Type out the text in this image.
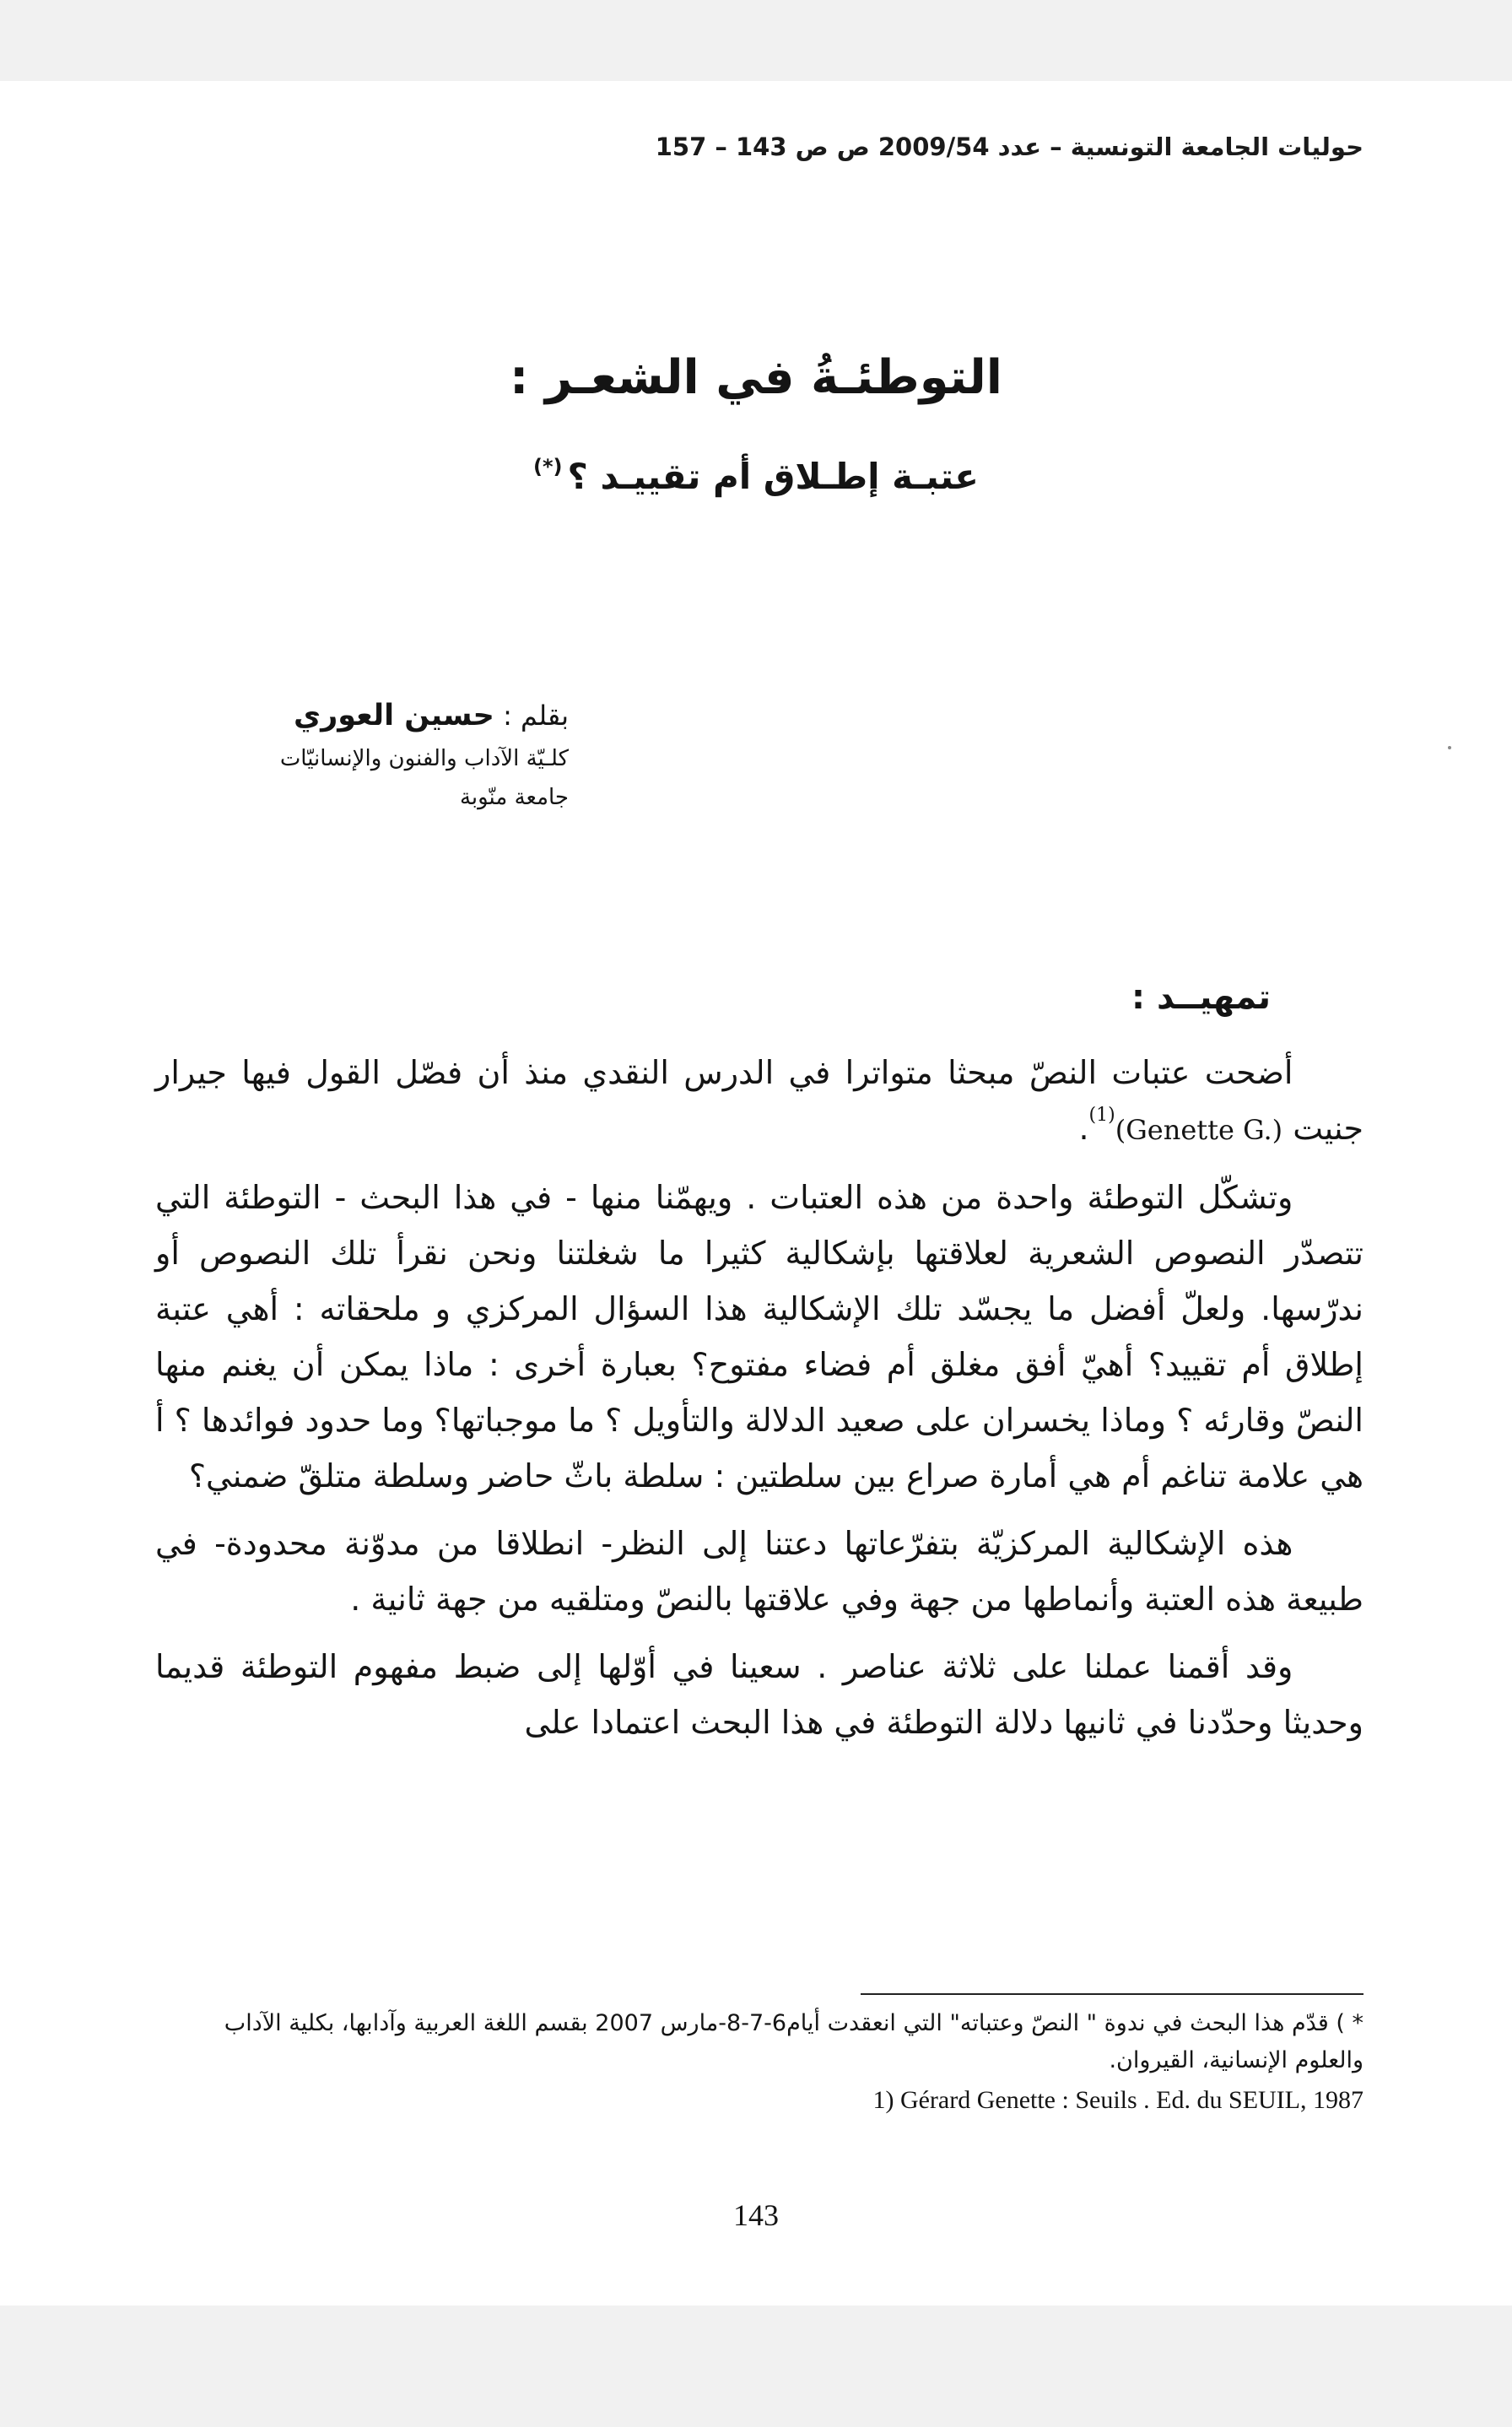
حوليات الجامعة التونسية – عدد 2009/54 ص ص 143 – 157

التوطئـةُ في الشعـر :
عتبـة إطـلاق أم تقييـد ؟(*)

بقلم : حسين العوري

كلـيّة الآداب والفنون والإنسانيّات

جامعة منّوبة

تمهيــد :

أضحت عتبات النصّ مبحثا متواترا في الدرس النقدي منذ أن فصّل القول فيها جيرار جنيت (Genette G.)$^{(1)}$.

وتشكّل التوطئة واحدة من هذه العتبات . ويهمّنا منها - في هذا البحث - التوطئة التي تتصدّر النصوص الشعرية لعلاقتها بإشكالية كثيرا ما شغلتنا ونحن نقرأ تلك النصوص أو ندرّسها. ولعلّ أفضل ما يجسّد تلك الإشكالية هذا السؤال المركزي و ملحقاته : أهي عتبة إطلاق أم تقييد؟ أهيّ أفق مغلق أم فضاء مفتوح؟ بعبارة أخرى : ماذا يمكن أن يغنم منها النصّ وقارئه ؟ وماذا يخسران على صعيد الدلالة والتأويل ؟ ما موجباتها؟ وما حدود فوائدها ؟ أ هي علامة تناغم أم هي أمارة صراع بين سلطتين : سلطة باثّ حاضر وسلطة متلقّ ضمني؟

هذه الإشكالية المركزيّة بتفرّعاتها دعتنا إلى النظر- انطلاقا من مدوّنة محدودة- في طبيعة هذه العتبة وأنماطها من جهة وفي علاقتها بالنصّ ومتلقيه من جهة ثانية .

وقد أقمنا عملنا على ثلاثة عناصر . سعينا في أوّلها إلى ضبط مفهوم التوطئة قديما وحديثا وحدّدنا في ثانيها دلالة التوطئة في هذا البحث اعتمادا على

* ) قدّم هذا البحث في ندوة " النصّ وعتباته" التي انعقدت أيام6-7-8-مارس 2007 بقسم اللغة العربية وآدابها، بكلية الآداب والعلوم الإنسانية، القيروان.

1) Gérard Genette : Seuils . Ed. du SEUIL, 1987

143
